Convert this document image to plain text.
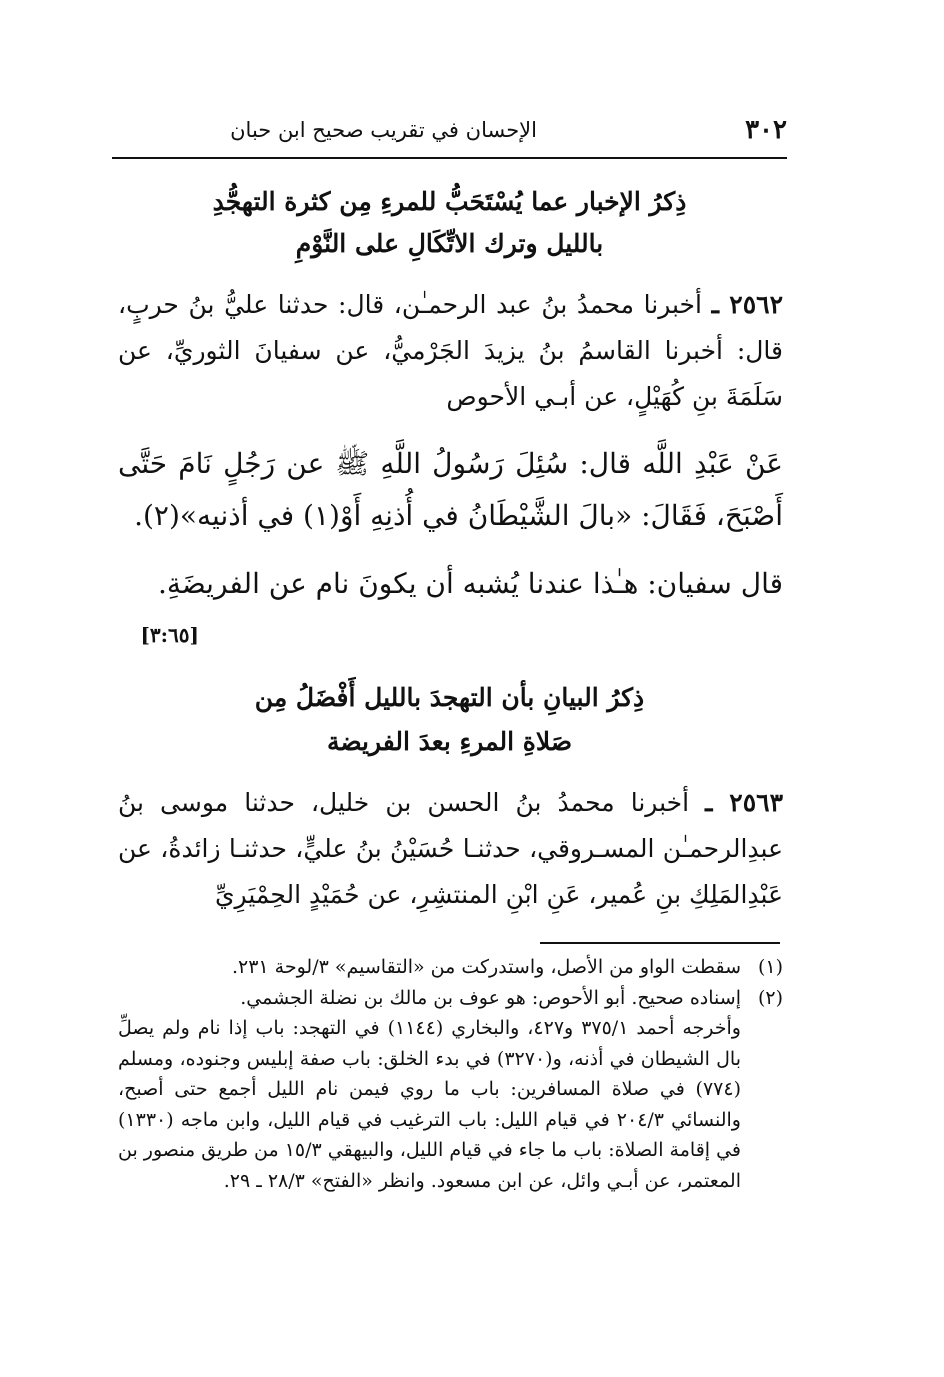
٣٠٢
الإحسان في تقريب صحيح ابن حبان
ذِكرُ الإخبار عما يُسْتَحَبُّ للمرءِ مِن كثرة التهجُّدِ
بالليل وترك الاتِّكَالِ على النَّوْمِ
٢٥٦٢ ـ أخبرنا محمدُ بنُ عبد الرحمـٰن، قال: حدثنا عليُّ بنُ حربٍ، قال: أخبرنا القاسمُ بنُ يزيدَ الجَرْميُّ، عن سفيانَ الثوريِّ، عن سَلَمَةَ بنِ كُهَيْلٍ، عن أبـي الأحوص
عَنْ عَبْدِ اللَّه قال: سُئِلَ رَسُولُ اللَّهِ ﷺ عن رَجُلٍ نَامَ حَتَّى أَصْبَحَ، فَقَالَ: «بالَ الشَّيْطَانُ في أُذنِهِ أَوْ(١) في أذنيه»(٢).
قال سفيان: هـٰذا عندنا يُشبه أن يكونَ نام عن الفريضَةِ.
[٣:٦٥]
ذِكرُ البيانِ بأن التهجدَ بالليل أَفْضَلُ مِن
صَلاةِ المرءِ بعدَ الفريضة
٢٥٦٣ ـ أخبرنا محمدُ بنُ الحسن بن خليل، حدثنا موسى بنُ عبدِالرحمـٰن المسـروقي، حدثنـا حُسَيْنُ بنُ عليٍّ، حدثنـا زائدةُ، عن عَبْدِالمَلِكِ بنِ عُمير، عَنِ ابْنِ المنتشِرِ، عن حُمَيْدٍ الحِمْيَرِيِّ
(١)
سقطت الواو من الأصل، واستدركت من «التقاسيم» ٣/لوحة ٢٣١.
(٢)
إسناده صحيح. أبو الأحوص: هو عوف بن مالك بن نضلة الجشمي.
وأخرجه أحمد ٣٧٥/١ و٤٢٧، والبخاري (١١٤٤) في التهجد: باب إذا نام ولم يصلِّ بال الشيطان في أذنه، و(٣٢٧٠) في بدء الخلق: باب صفة إبليس وجنوده، ومسلم (٧٧٤) في صلاة المسافرين: باب ما روي فيمن نام الليل أجمع حتى أصبح، والنسائي ٢٠٤/٣ في قيام الليل: باب الترغيب في قيام الليل، وابن ماجه (١٣٣٠) في إقامة الصلاة: باب ما جاء في قيام الليل، والبيهقي ١٥/٣ من طريق منصور بن المعتمر، عن أبـي وائل، عن ابن مسعود. وانظر «الفتح» ٢٨/٣ ـ ٢٩.
